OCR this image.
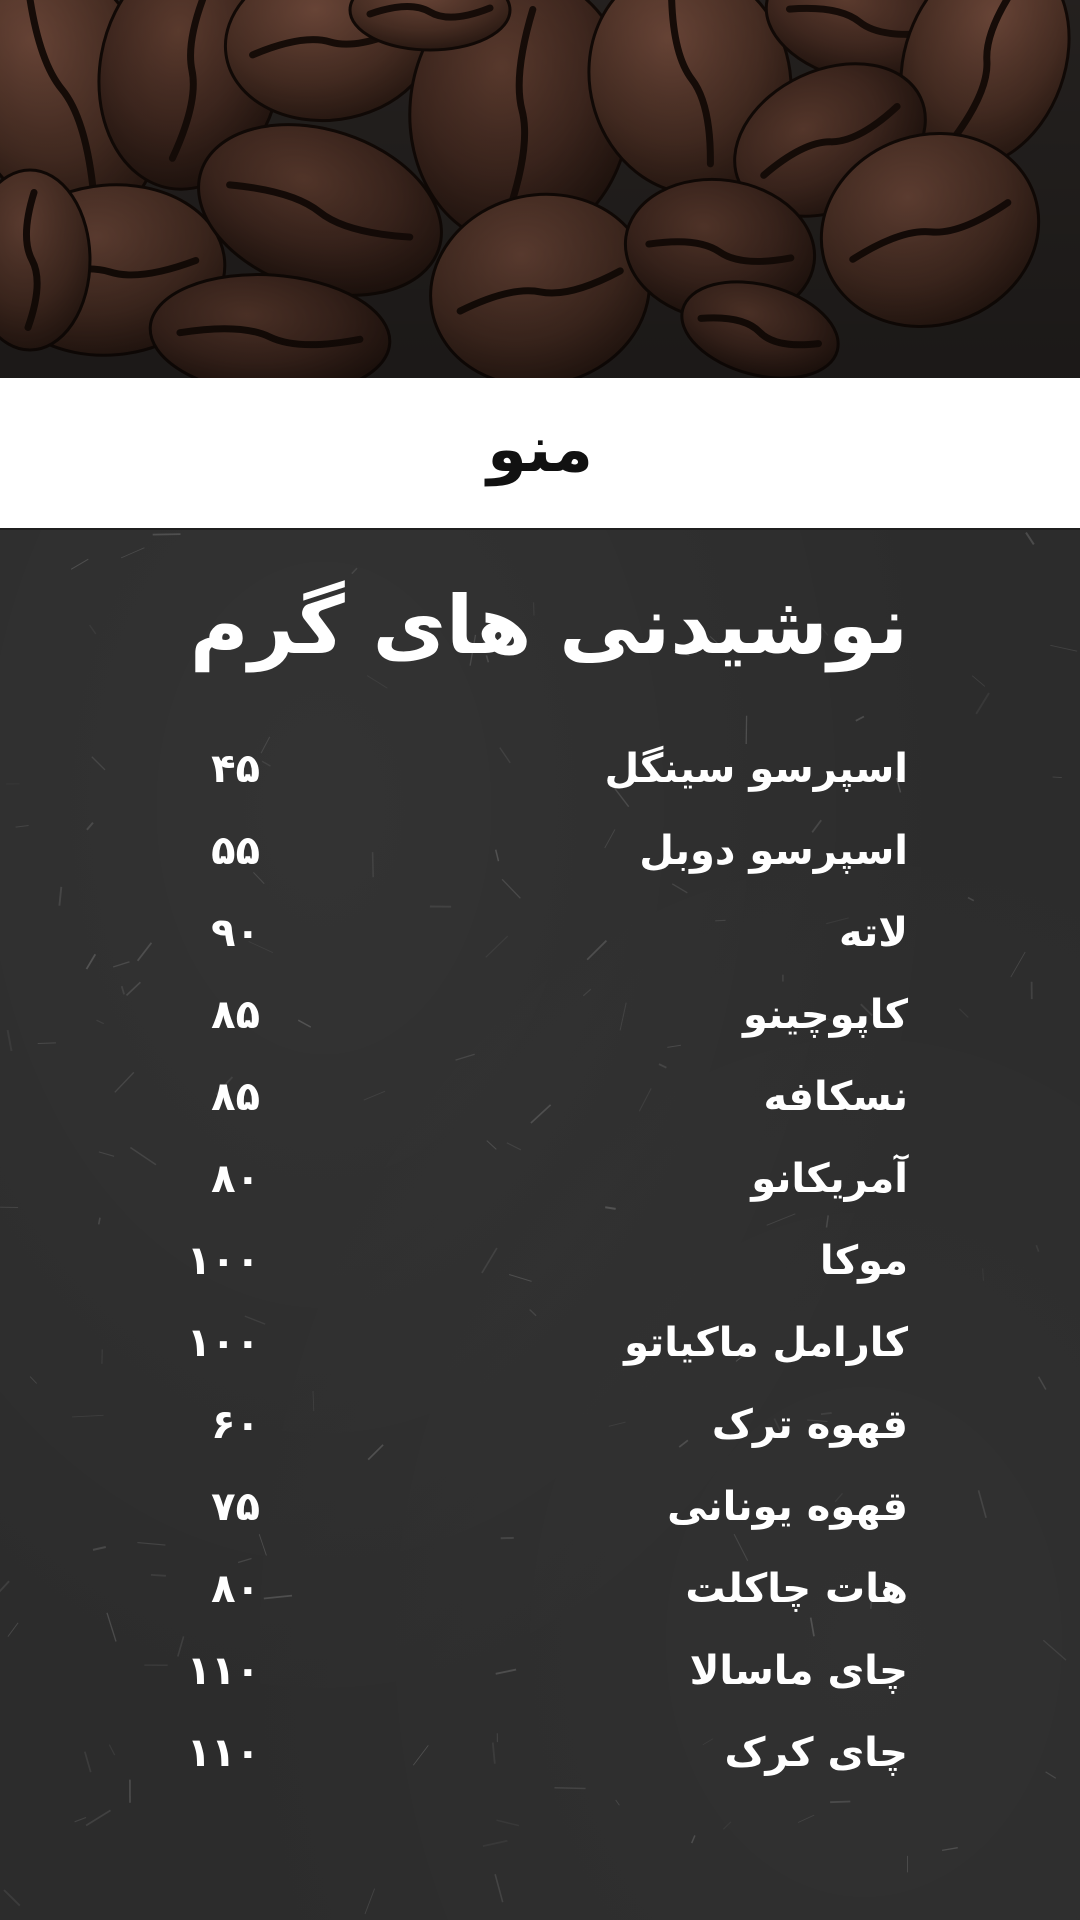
منو
نوشیدنی های گرم
۴۵	اسپرسو سینگل
۵۵	اسپرسو دوبل
۹۰	لاته
۸۵	کاپوچینو
۸۵	نسکافه
۸۰	آمریکانو
۱۰۰	موکا
۱۰۰	کارامل ماکیاتو
۶۰	قهوه ترک
۷۵	قهوه یونانی
۸۰	هات چاکلت
۱۱۰	چای ماسالا
۱۱۰	چای کرک
